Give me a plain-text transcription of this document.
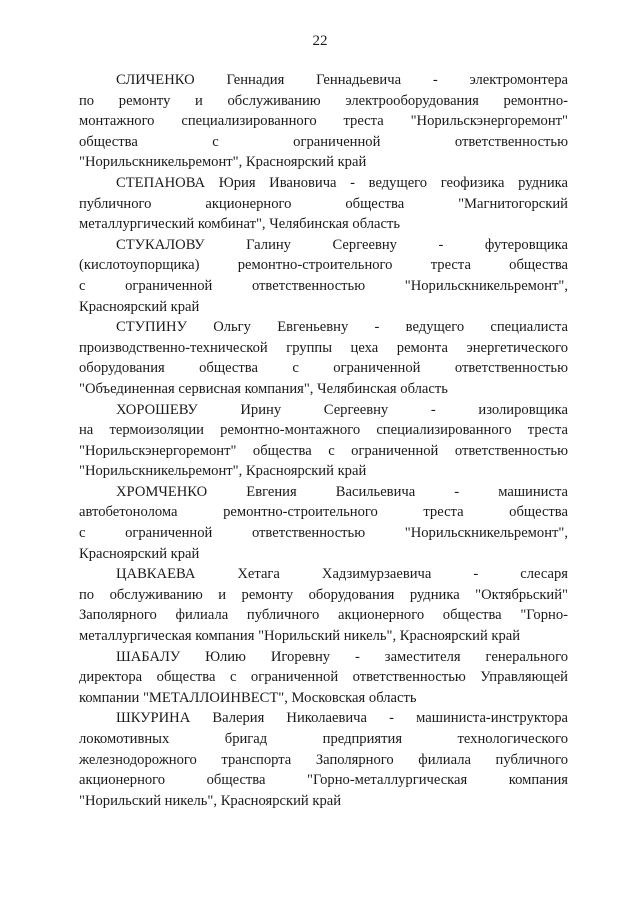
22

СЛИЧЕНКО Геннадия Геннадьевича - электромонтера
по ремонту и обслуживанию электрооборудования ремонтно-
монтажного специализированного треста "Норильскэнергоремонт"
общества с ограниченной ответственностью
"Норильскникельремонт", Красноярский край

СТЕПАНОВА Юрия Ивановича - ведущего геофизика рудника
публичного акционерного общества "Магнитогорский
металлургический комбинат", Челябинская область

СТУКАЛОВУ Галину Сергеевну - футеровщика
(кислотоупорщика) ремонтно-строительного треста общества
с ограниченной ответственностью "Норильскникельремонт",
Красноярский край

СТУПИНУ Ольгу Евгеньевну - ведущего специалиста
производственно-технической группы цеха ремонта энергетического
оборудования общества с ограниченной ответственностью
"Объединенная сервисная компания", Челябинская область

ХОРОШЕВУ Ирину Сергеевну - изолировщика
на термоизоляции ремонтно-монтажного специализированного треста
"Норильскэнергоремонт" общества с ограниченной ответственностью
"Норильскникельремонт", Красноярский край

ХРОМЧЕНКО Евгения Васильевича - машиниста
автобетонолома ремонтно-строительного треста общества
с ограниченной ответственностью "Норильскникельремонт",
Красноярский край

ЦАВКАЕВА Хетага Хадзимурзаевича - слесаря
по обслуживанию и ремонту оборудования рудника "Октябрьский"
Заполярного филиала публичного акционерного общества "Горно-
металлургическая компания "Норильский никель", Красноярский край

ШАБАЛУ Юлию Игоревну - заместителя генерального
директора общества с ограниченной ответственностью Управляющей
компании "МЕТАЛЛОИНВЕСТ", Московская область

ШКУРИНА Валерия Николаевича - машиниста-инструктора
локомотивных бригад предприятия технологического
железнодорожного транспорта Заполярного филиала публичного
акционерного общества "Горно-металлургическая компания
"Норильский никель", Красноярский край
